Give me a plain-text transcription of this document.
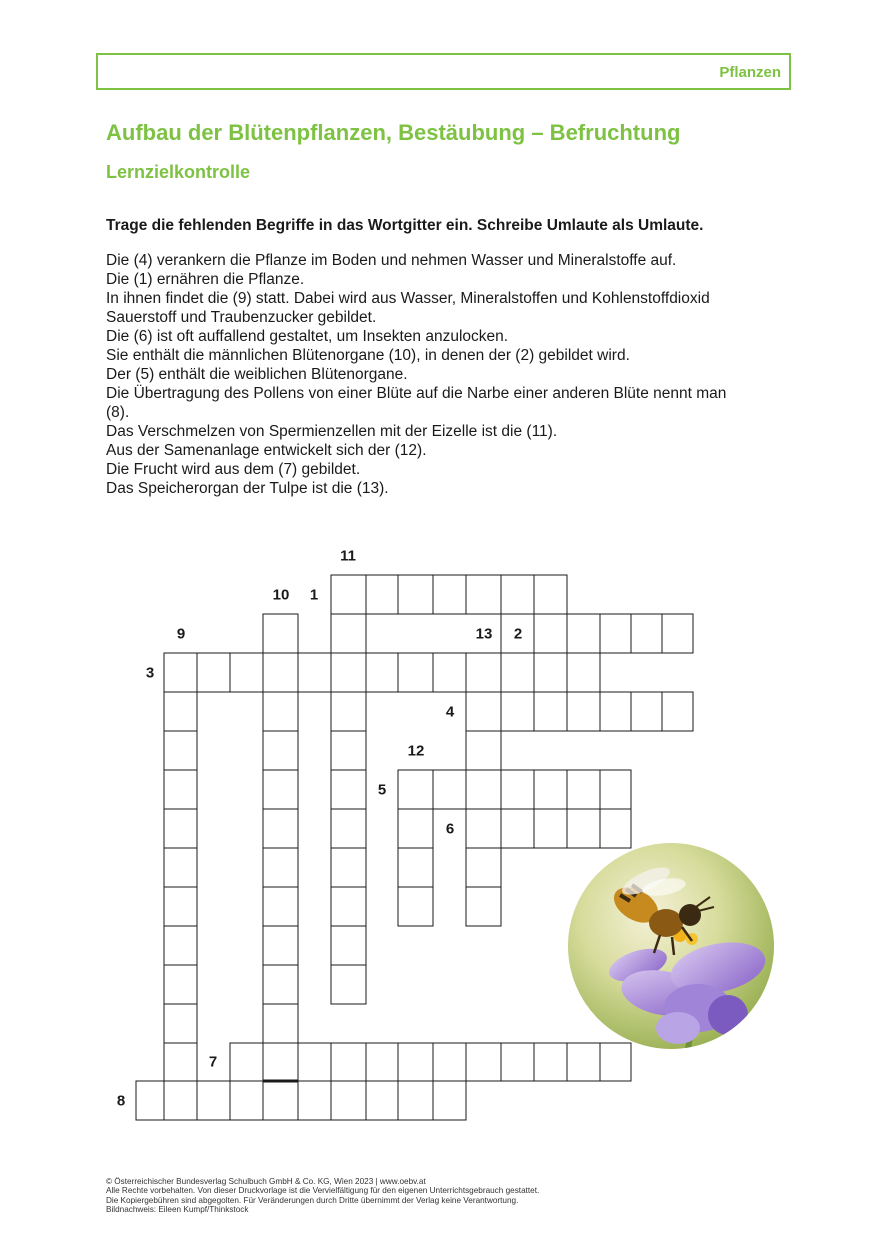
Pflanzen
Aufbau der Blütenpflanzen, Bestäubung – Befruchtung
Lernzielkontrolle

Trage die fehlenden Begriffe in das Wortgitter ein. Schreibe Umlaute als Umlaute.

Die (4) verankern die Pflanze im Boden und nehmen Wasser und Mineralstoffe auf.
Die (1) ernähren die Pflanze.
In ihnen findet die (9) statt. Dabei wird aus Wasser, Mineralstoffen und Kohlenstoffdioxid
Sauerstoff und Traubenzucker gebildet.
Die (6) ist oft auffallend gestaltet, um Insekten anzulocken.
Sie enthält die männlichen Blütenorgane (10), in denen der (2) gebildet wird.
Der (5) enthält die weiblichen Blütenorgane.
Die Übertragung des Pollens von einer Blüte auf die Narbe einer anderen Blüte nennt man
(8).
Das Verschmelzen von Spermienzellen mit der Eizelle ist die (11).
Aus der Samenanlage entwickelt sich der (12).
Die Frucht wird aus dem (7) gebildet.
Das Speicherorgan der Tulpe ist die (13).
1
2
3
4
5
6
7
8
9
10
11
12
13
© Österreichischer Bundesverlag Schulbuch GmbH & Co. KG, Wien 2023 | www.oebv.at
Alle Rechte vorbehalten. Von dieser Druckvorlage ist die Vervielfältigung für den eigenen Unterrichtsgebrauch gestattet.
Die Kopiergebühren sind abgegolten. Für Veränderungen durch Dritte übernimmt der Verlag keine Verantwortung.
Bildnachweis: Eileen Kumpf/Thinkstock
